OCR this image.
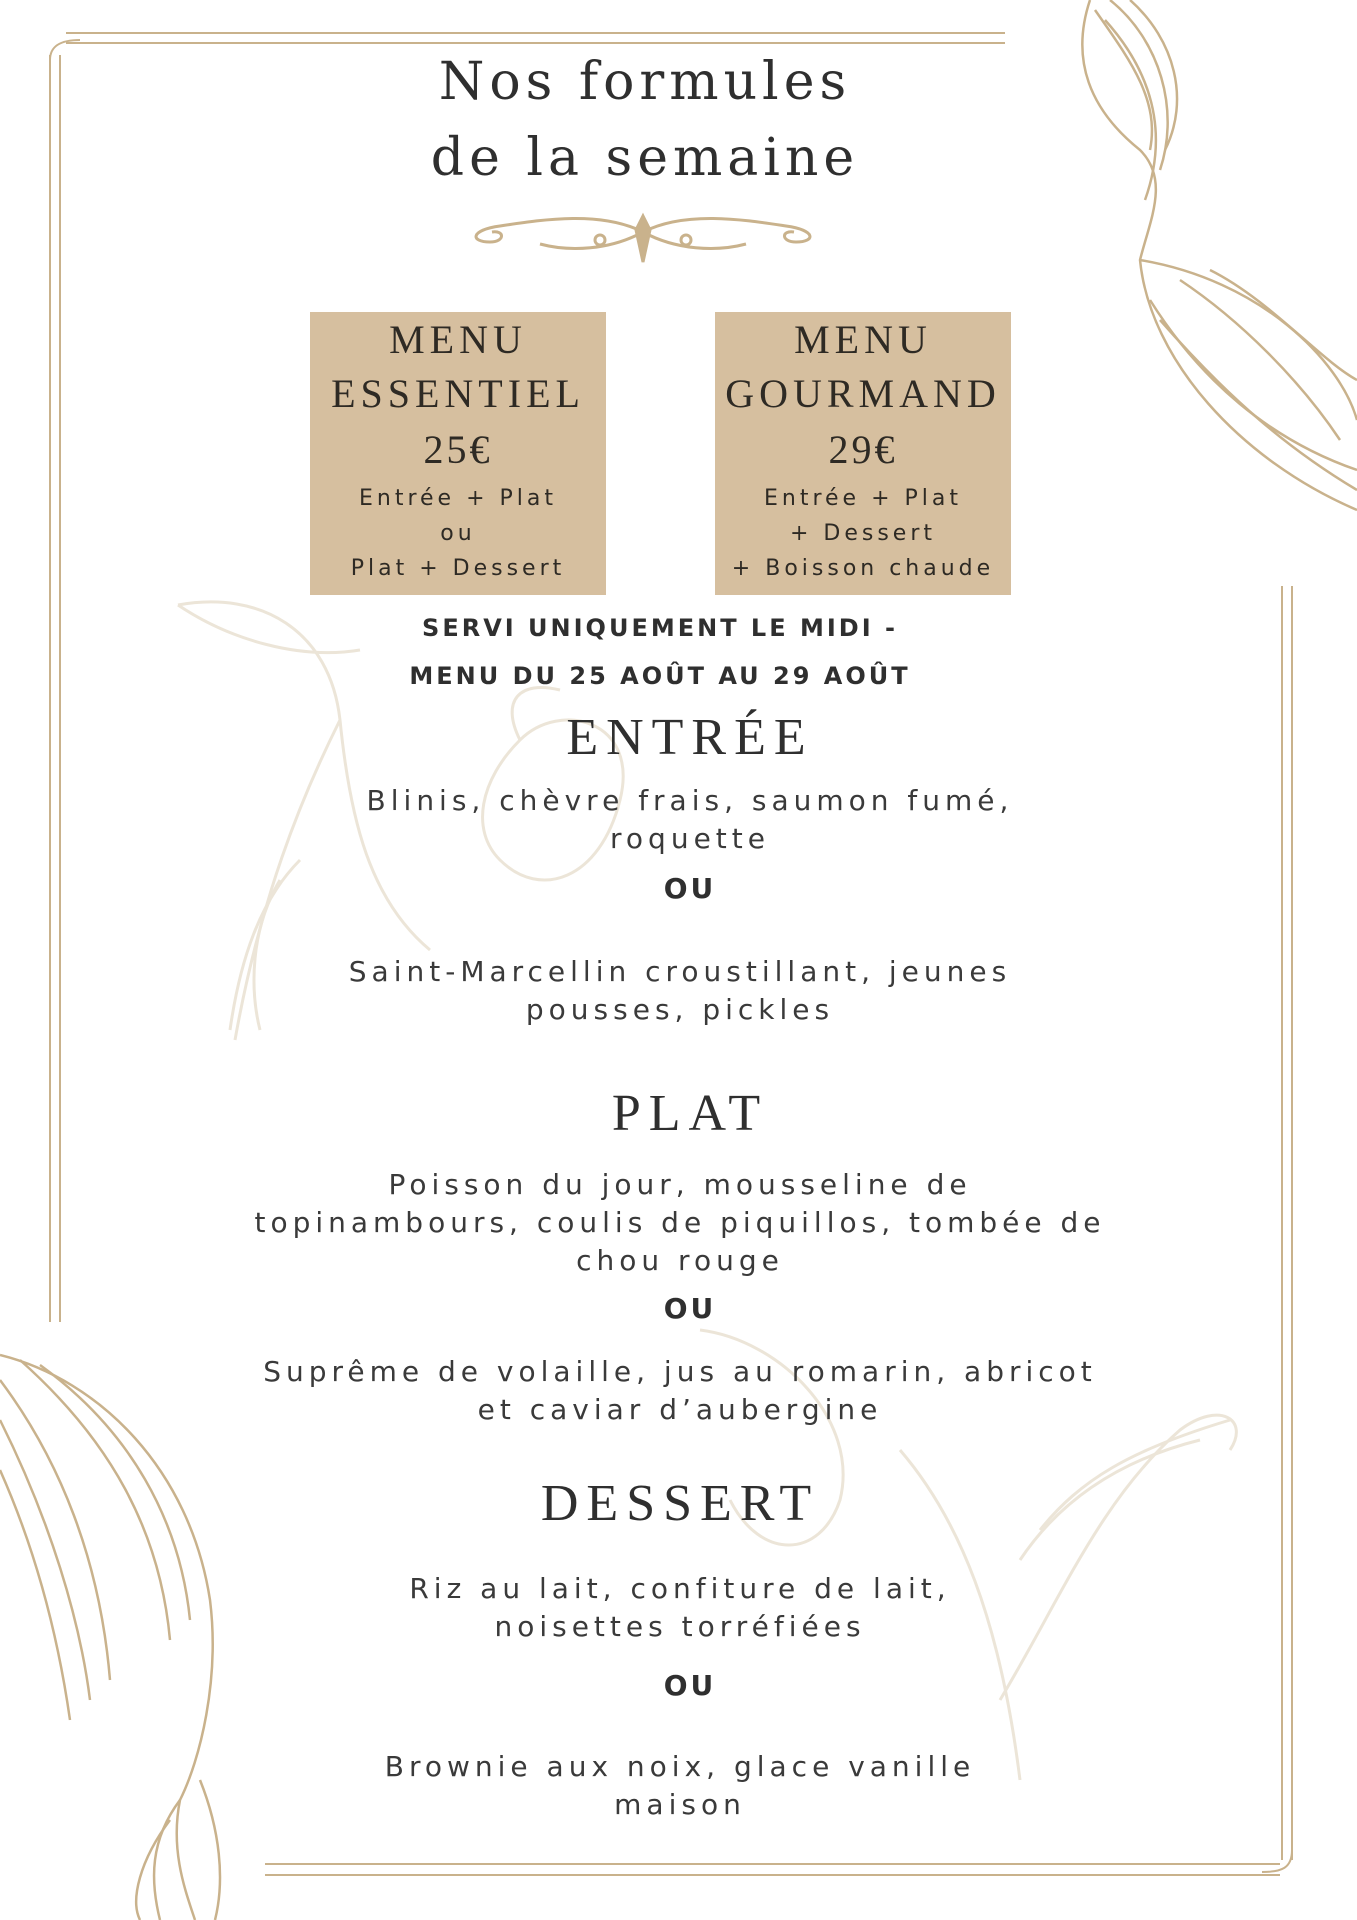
Nos formules
de la semaine
MENU
ESSENTIEL
25€
Entrée + Plat
ou
Plat + Dessert
MENU
GOURMAND
29€
Entrée + Plat
+ Dessert
+ Boisson chaude
SERVI UNIQUEMENT LE MIDI -
MENU DU 25 AOÛT AU 29 AOÛT
ENTRÉE
Blinis, chèvre frais, saumon fumé,
roquette
OU
Saint-Marcellin croustillant, jeunes
pousses, pickles
PLAT
Poisson du jour, mousseline de
topinambours, coulis de piquillos, tombée de
chou rouge
OU
Suprême de volaille, jus au romarin, abricot
et caviar d’aubergine
DESSERT
Riz au lait, confiture de lait,
noisettes torréfiées
OU
Brownie aux noix, glace vanille
maison
